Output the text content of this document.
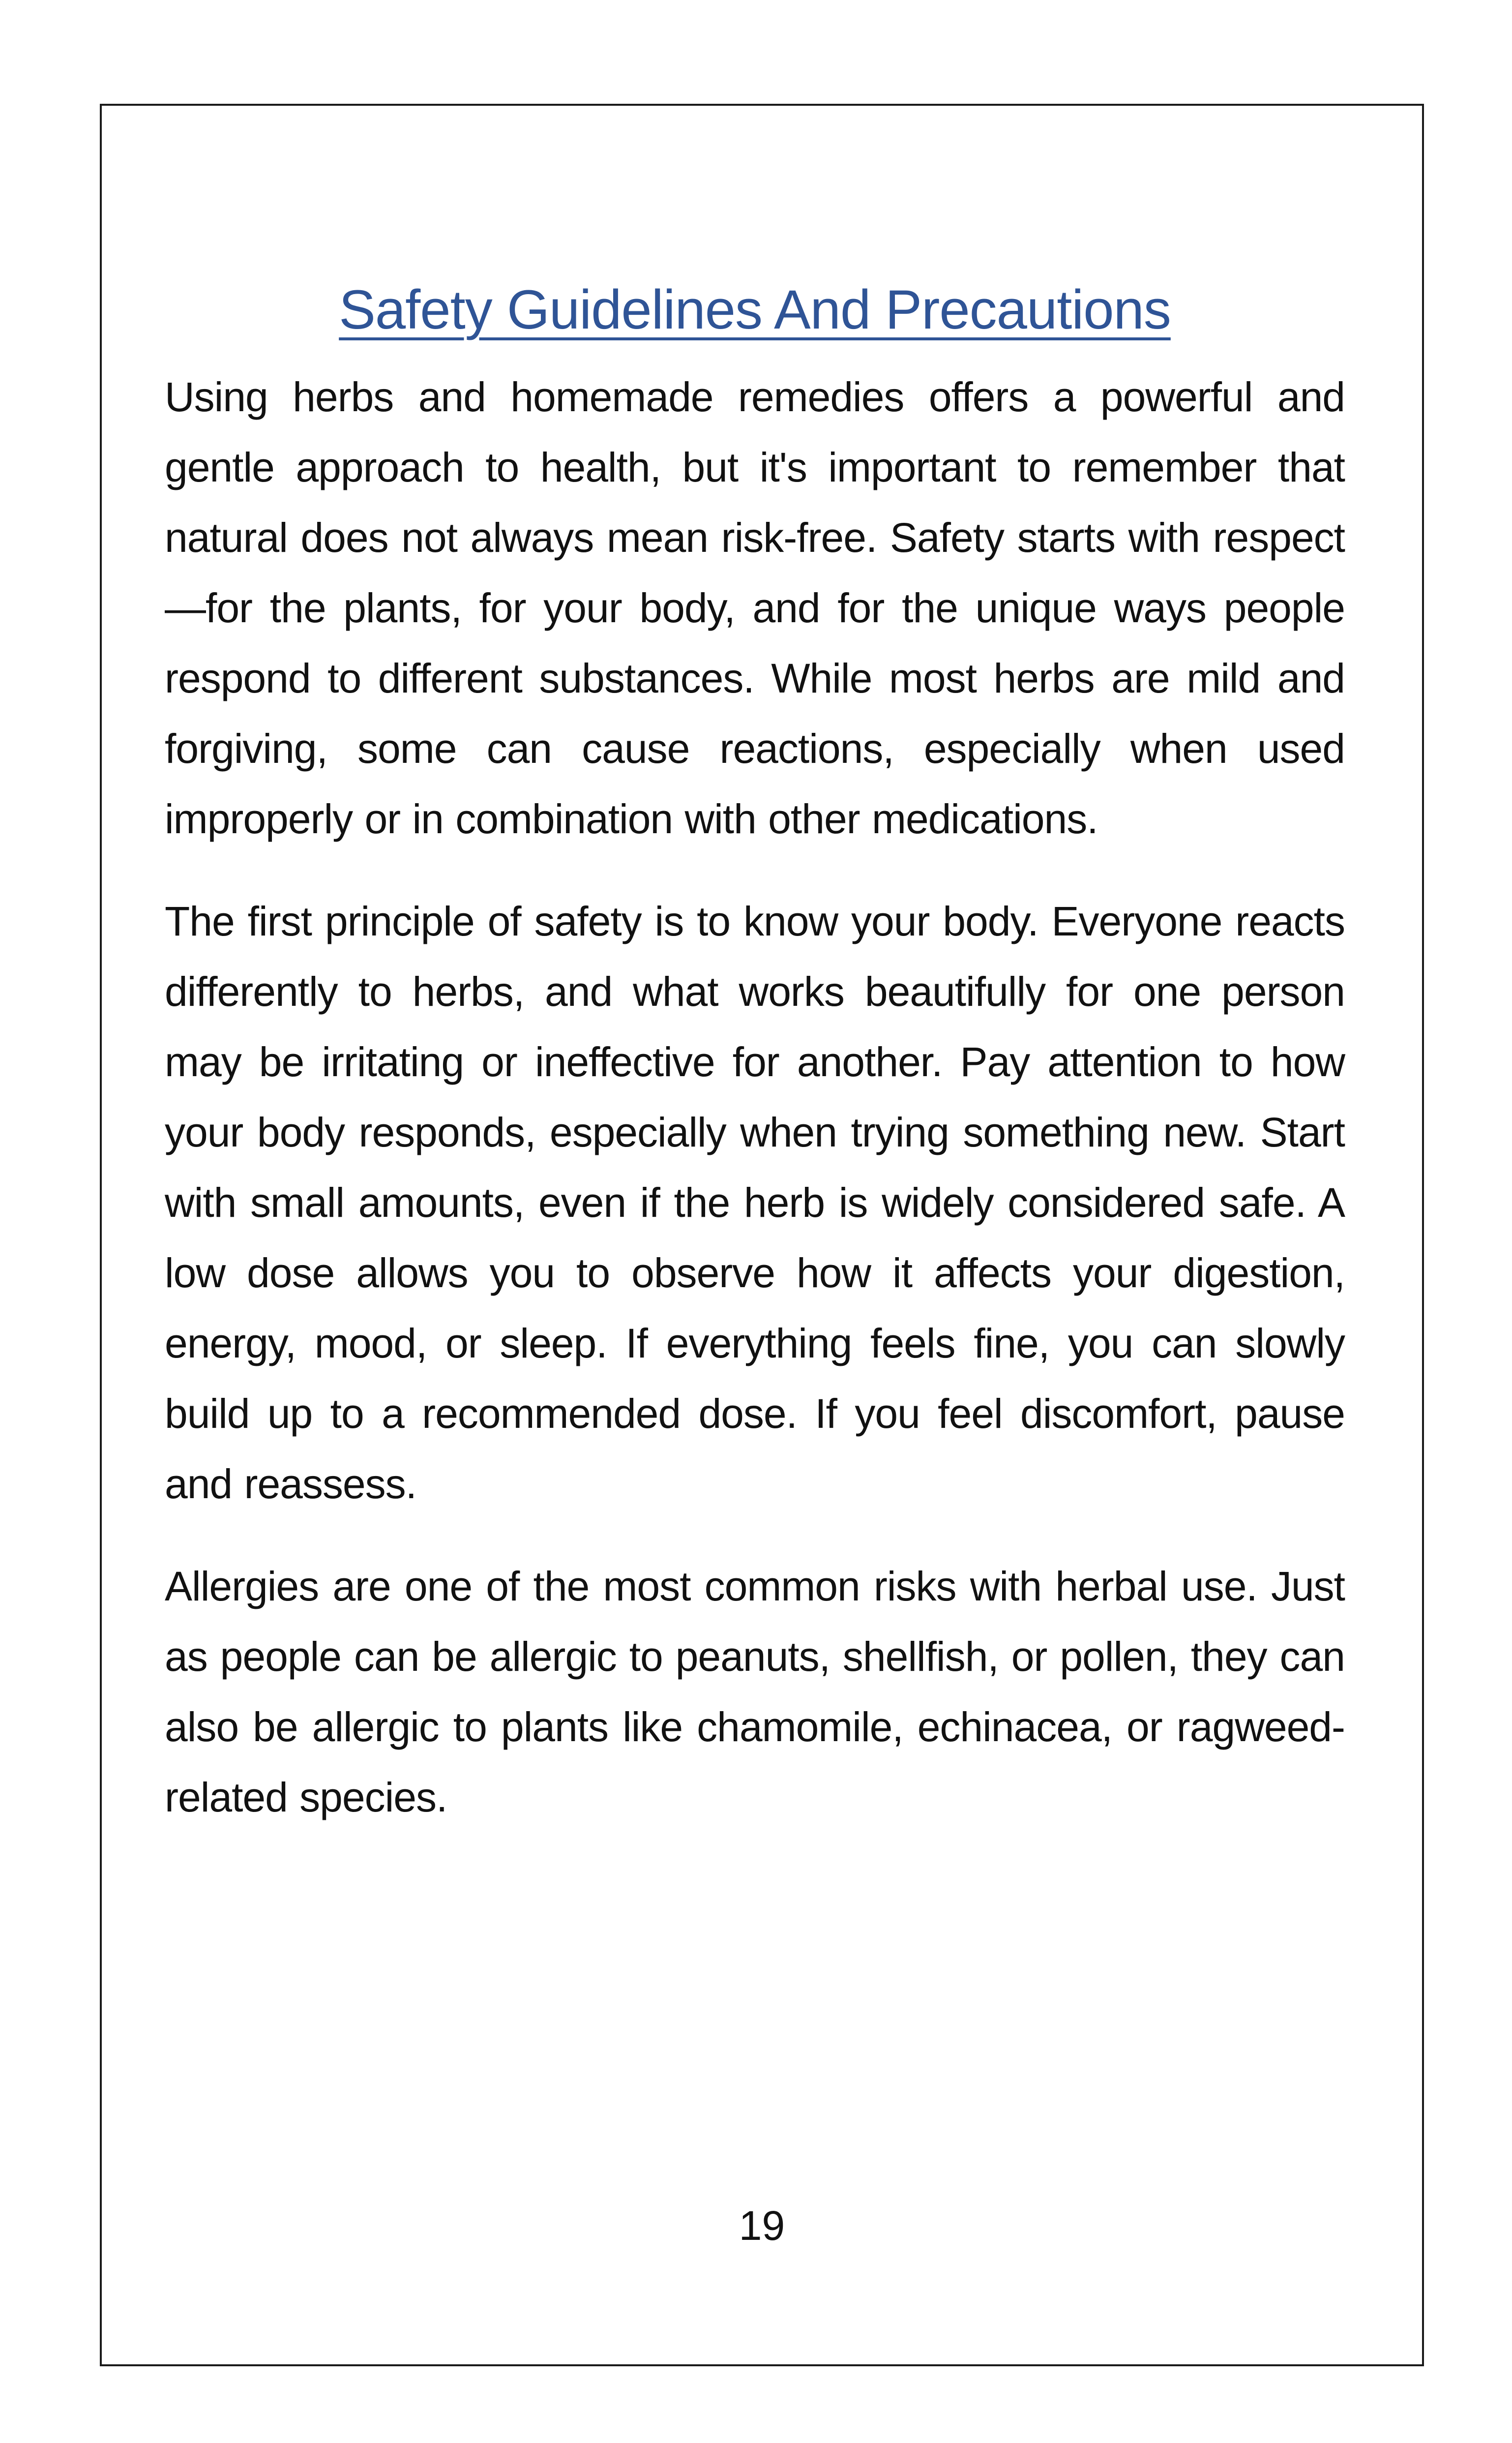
Safety Guidelines And Precautions

Using herbs and homemade remedies offers a powerful and gentle approach to health, but it's important to remember that natural does not always mean risk-free. Safety starts with respect—for the plants, for your body, and for the unique ways people respond to different substances. While most herbs are mild and forgiving, some can cause reactions, especially when used improperly or in combination with other medications.

The first principle of safety is to know your body. Everyone reacts differently to herbs, and what works beautifully for one person may be irritating or ineffective for another. Pay attention to how your body responds, especially when trying something new. Start with small amounts, even if the herb is widely considered safe. A low dose allows you to observe how it affects your digestion, energy, mood, or sleep. If everything feels fine, you can slowly build up to a recommended dose. If you feel discomfort, pause and reassess.

Allergies are one of the most common risks with herbal use. Just as people can be allergic to peanuts, shellfish, or pollen, they can also be allergic to plants like chamomile, echinacea, or ragweed-related species.

19
